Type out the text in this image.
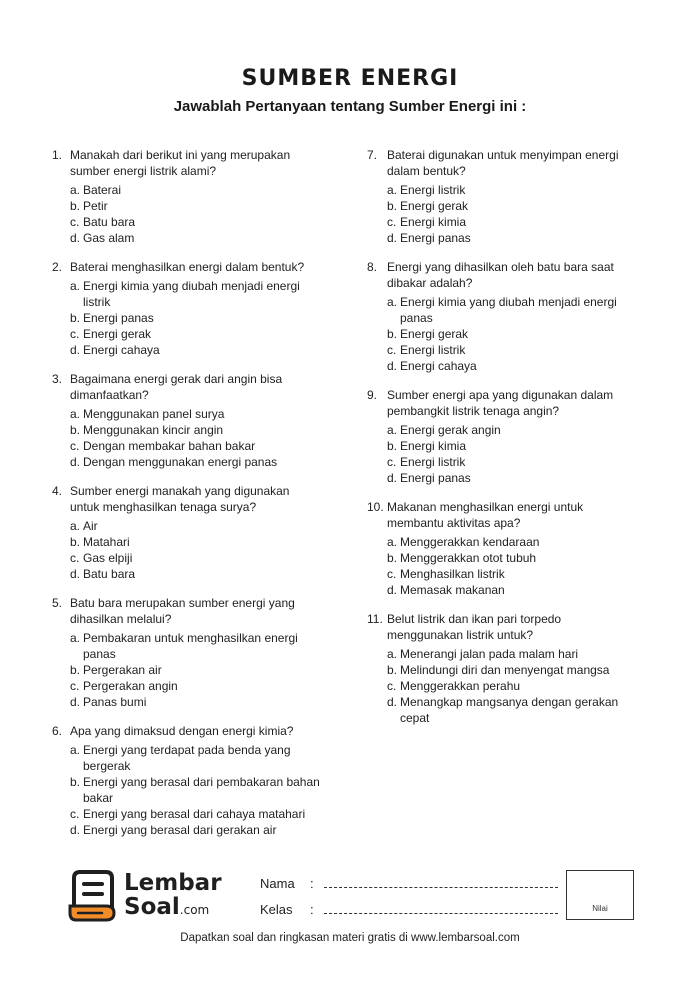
SUMBER ENERGI
Jawablah Pertanyaan tentang Sumber Energi ini :
1. Manakah dari berikut ini yang merupakan sumber energi listrik alami?
a. Baterai
b. Petir
c. Batu bara
d. Gas alam
2. Baterai menghasilkan energi dalam bentuk?
a. Energi kimia yang diubah menjadi energi listrik
b. Energi panas
c. Energi gerak
d. Energi cahaya
3. Bagaimana energi gerak dari angin bisa dimanfaatkan?
a. Menggunakan panel surya
b. Menggunakan kincir angin
c. Dengan membakar bahan bakar
d. Dengan menggunakan energi panas
4. Sumber energi manakah yang digunakan untuk menghasilkan tenaga surya?
a. Air
b. Matahari
c. Gas elpiji
d. Batu bara
5. Batu bara merupakan sumber energi yang dihasilkan melalui?
a. Pembakaran untuk menghasilkan energi panas
b. Pergerakan air
c. Pergerakan angin
d. Panas bumi
6. Apa yang dimaksud dengan energi kimia?
a. Energi yang terdapat pada benda yang bergerak
b. Energi yang berasal dari pembakaran bahan bakar
c. Energi yang berasal dari cahaya matahari
d. Energi yang berasal dari gerakan air
7. Baterai digunakan untuk menyimpan energi dalam bentuk?
a. Energi listrik
b. Energi gerak
c. Energi kimia
d. Energi panas
8. Energi yang dihasilkan oleh batu bara saat dibakar adalah?
a. Energi kimia yang diubah menjadi energi panas
b. Energi gerak
c. Energi listrik
d. Energi cahaya
9. Sumber energi apa yang digunakan dalam pembangkit listrik tenaga angin?
a. Energi gerak angin
b. Energi kimia
c. Energi listrik
d. Energi panas
10. Makanan menghasilkan energi untuk membantu aktivitas apa?
a. Menggerakkan kendaraan
b. Menggerakkan otot tubuh
c. Menghasilkan listrik
d. Memasak makanan
11. Belut listrik dan ikan pari torpedo menggunakan listrik untuk?
a. Menerangi jalan pada malam hari
b. Melindungi diri dan menyengat mangsa
c. Menggerakkan perahu
d. Menangkap mangsanya dengan gerakan cepat
Lembar
Soal.com
Nama	:
Kelas	:	Nilai
Dapatkan soal dan ringkasan materi gratis di www.lembarsoal.com
